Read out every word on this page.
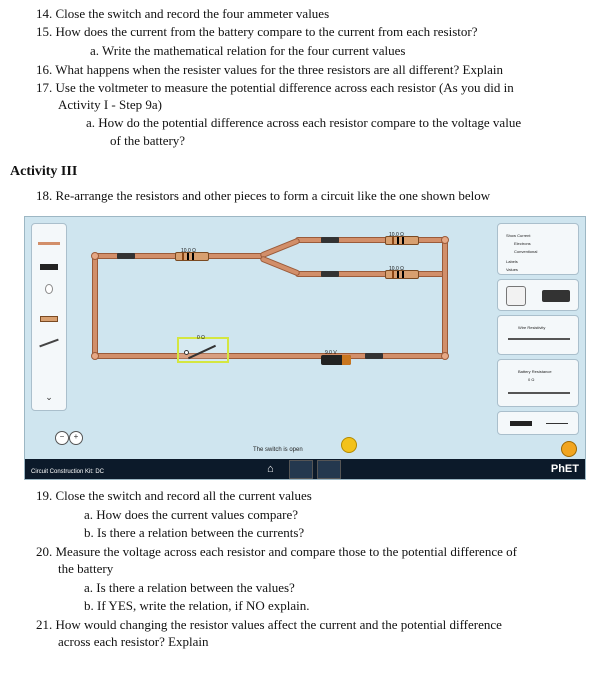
14. Close the switch and record the four ammeter values
15. How does the current from the battery compare to the current from each resistor?
a. Write the mathematical relation for the four current values
16. What happens when the resister values for the three resistors are all different? Explain
17. Use the voltmeter to measure the potential difference across each resistor (As you did in
Activity I - Step 9a)
a. How do the potential difference across each resistor compare to the voltage value
of the battery?
Activity III
18. Re-arrange the resistors and other pieces to form a circuit like the one shown below
⌄
10.0 Ω
10.0 Ω
10.0 Ω
0 Ω
9.0 V
Show Current
Electrons
Conventional
Labels
Values
Wire Resistivity
Battery Resistance
0 Ω
−	+
The switch is open
Circuit Construction Kit: DC	⌂	PhET
19. Close the switch and record all the current values
a. How does the current values compare?
b. Is there a relation between the currents?
20. Measure the voltage across each resistor and compare those to the potential difference of
the battery
a. Is there a relation between the values?
b. If YES, write the relation, if NO explain.
21. How would changing the resistor values affect the current and the potential difference
across each resistor? Explain
